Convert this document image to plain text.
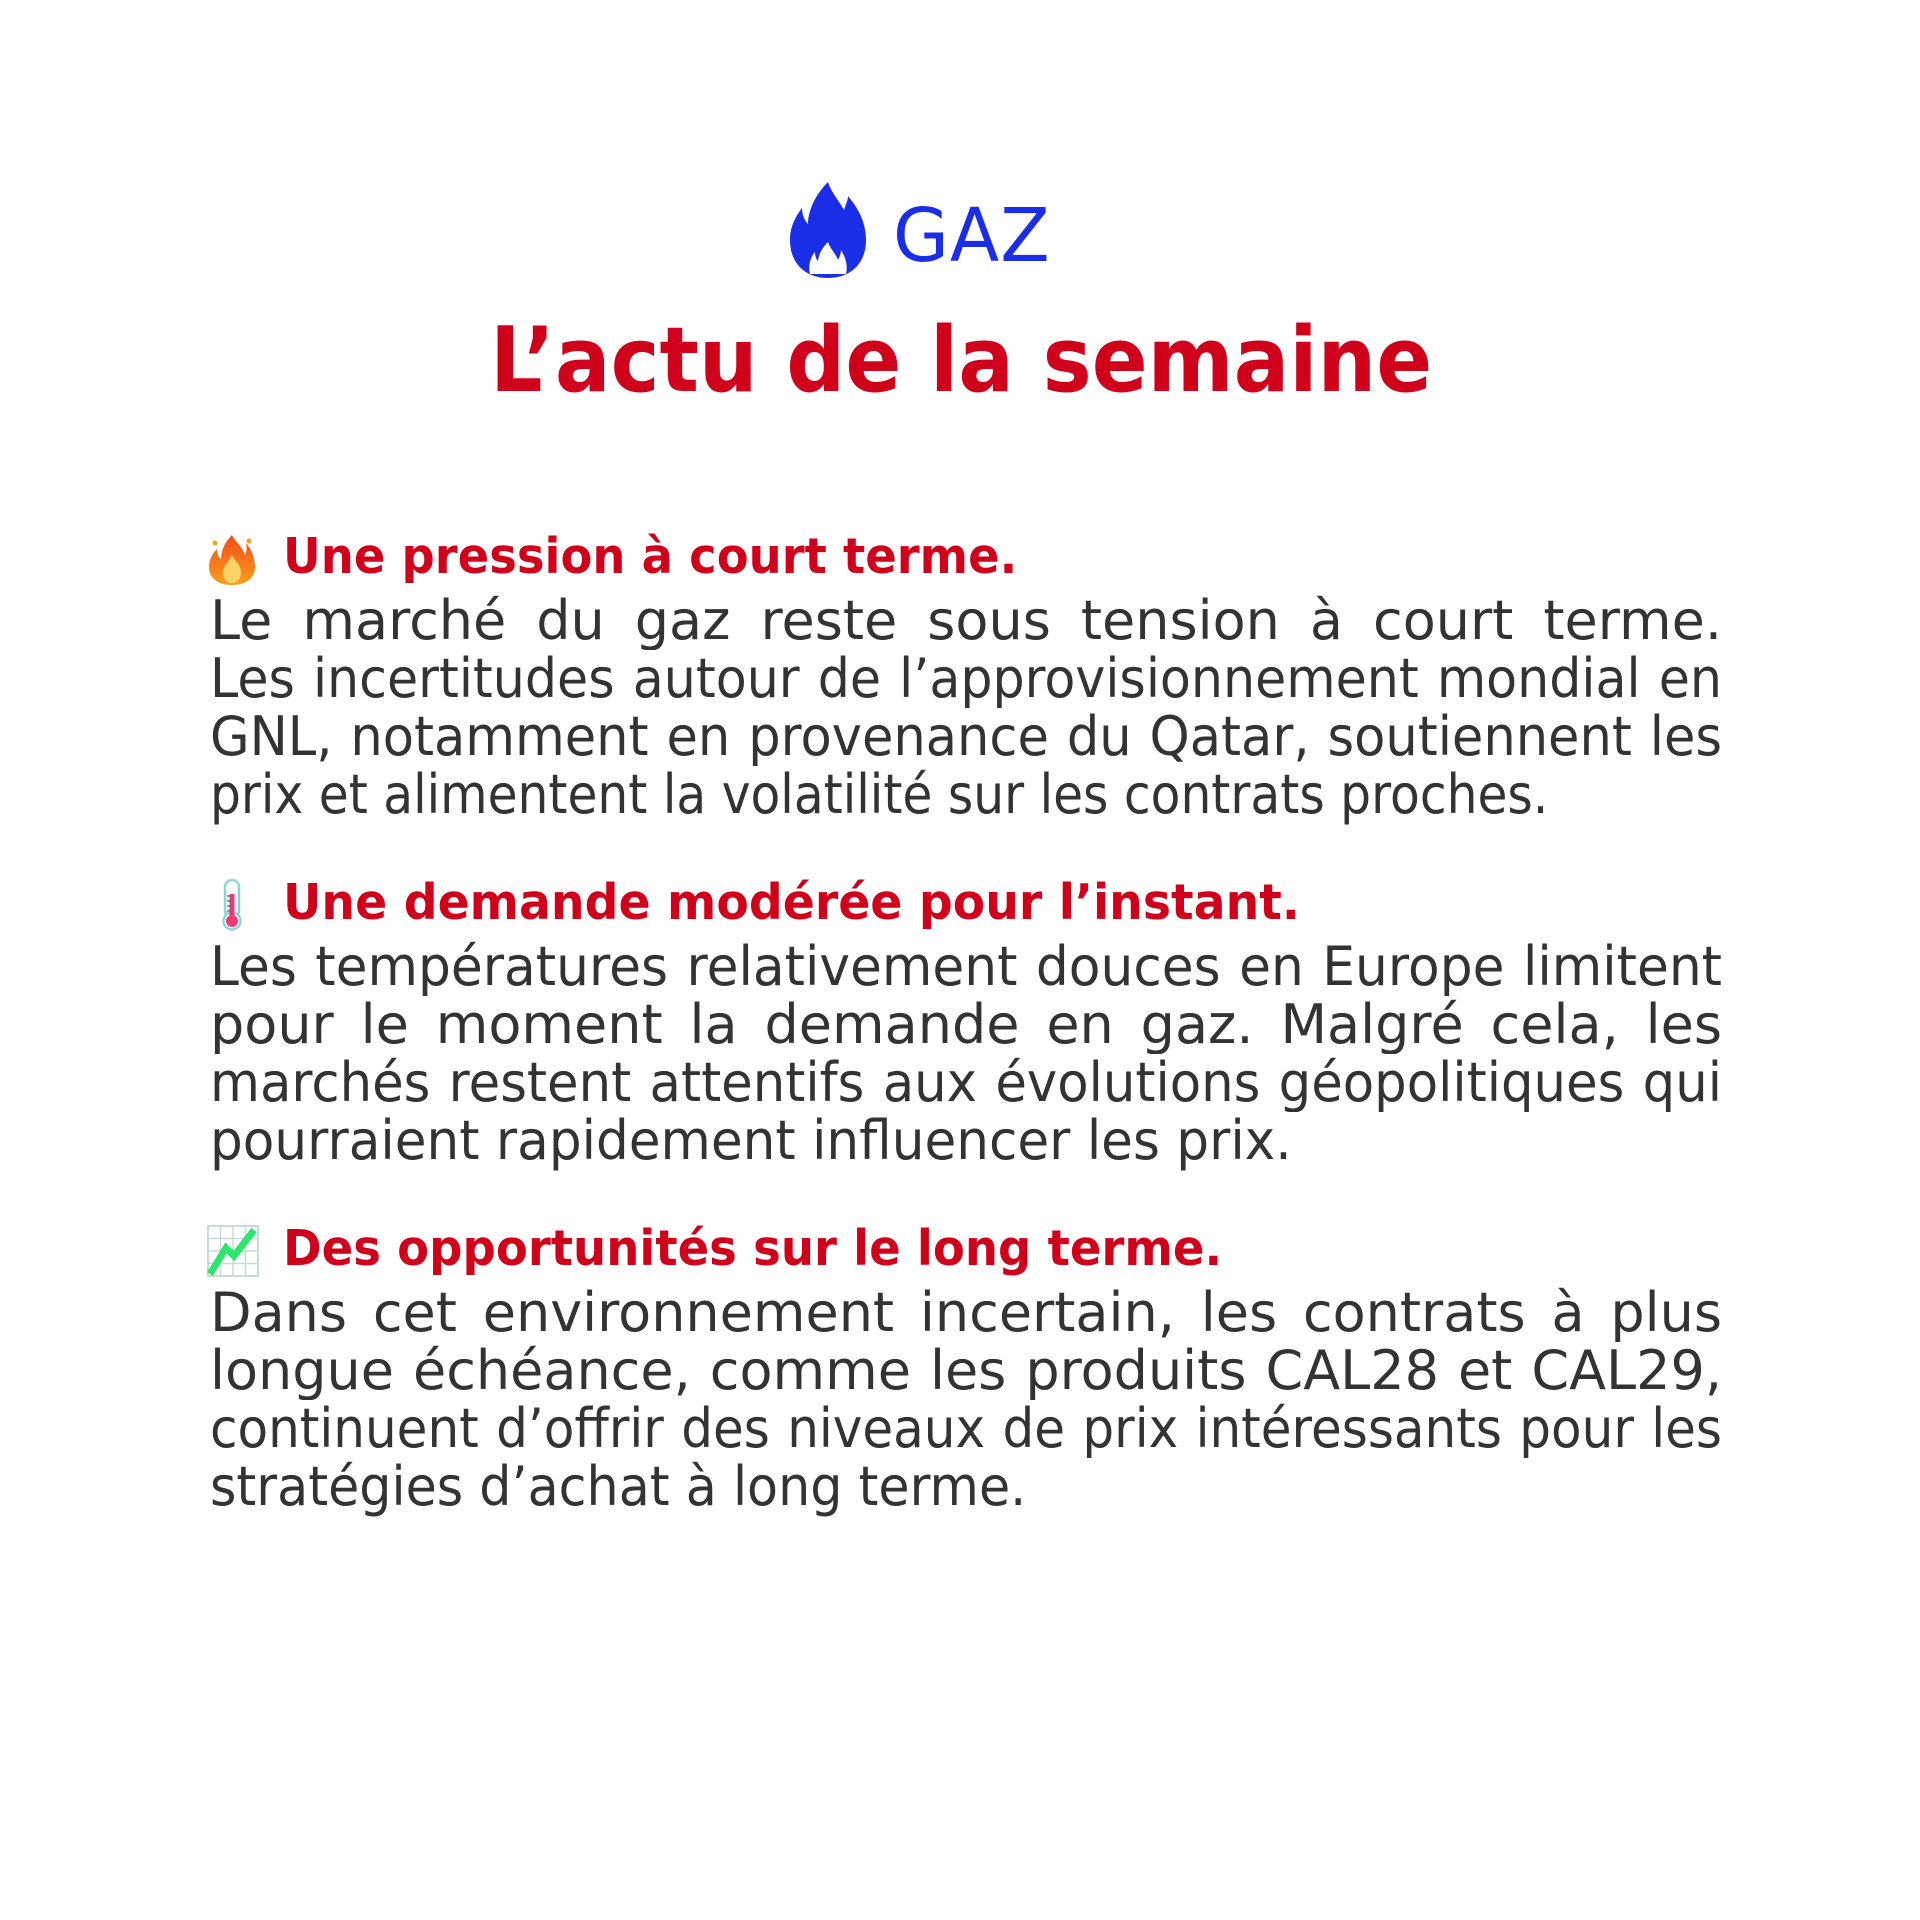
GAZ
L’actu de la semaine
Une pression à court terme.
Le marché du gaz reste sous tension à court terme.
Les incertitudes autour de l’approvisionnement mondial en
GNL, notamment en provenance du Qatar, soutiennent les
prix et alimentent la volatilité sur les contrats proches.
Une demande modérée pour l’instant.
Les températures relativement douces en Europe limitent
pour le moment la demande en gaz. Malgré cela, les
marchés restent attentifs aux évolutions géopolitiques qui
pourraient rapidement influencer les prix.
Des opportunités sur le long terme.
Dans cet environnement incertain, les contrats à plus
longue échéance, comme les produits CAL28 et CAL29,
continuent d’offrir des niveaux de prix intéressants pour les
stratégies d’achat à long terme.
